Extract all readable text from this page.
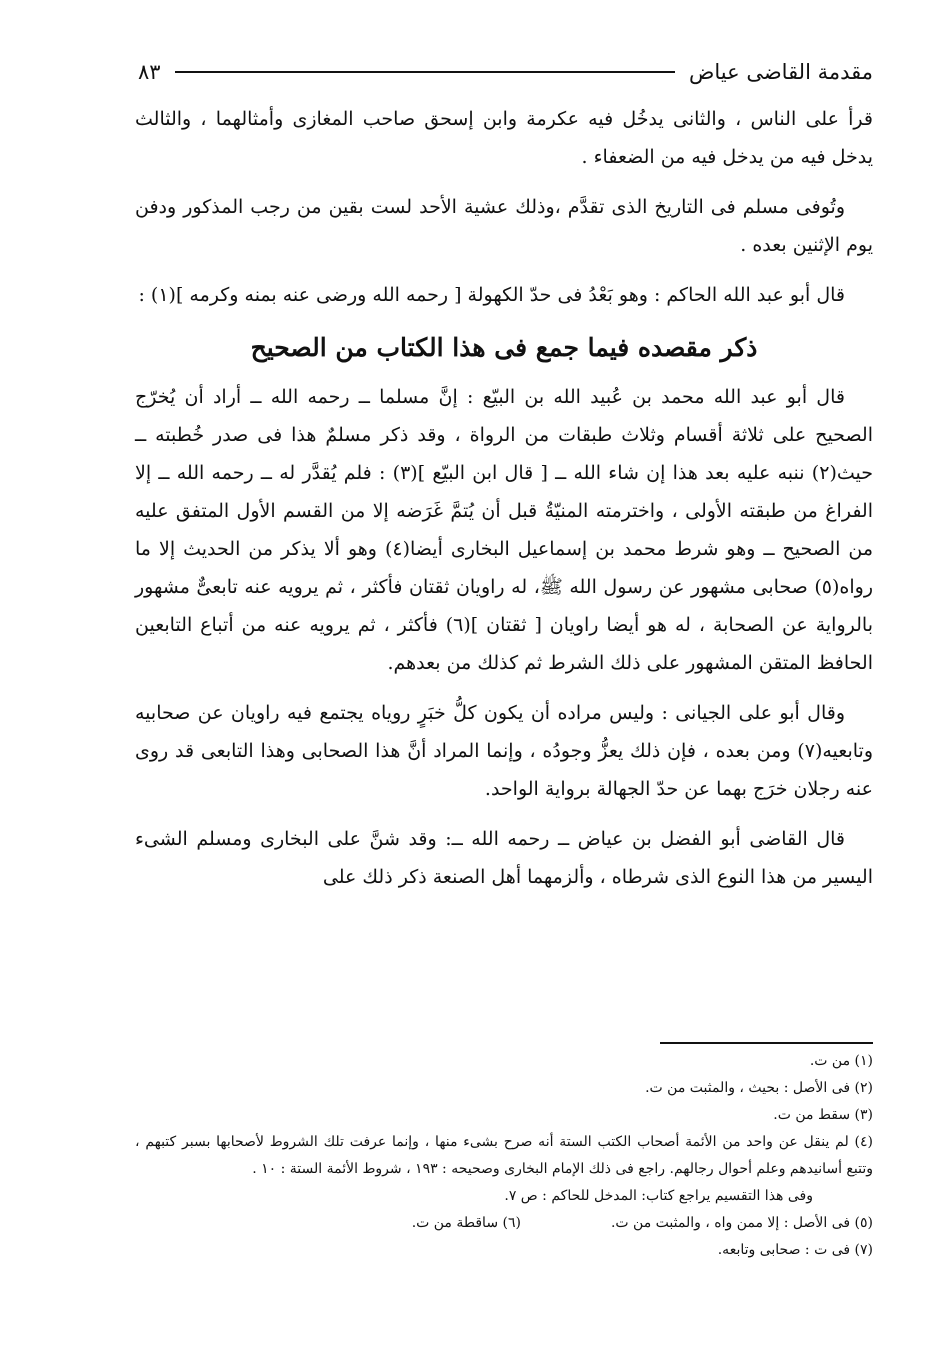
مقدمة القاضى عياض
٨٣

قرأ على الناس ، والثانى يدخُل فيه عكرمة وابن إسحق صاحب المغازى وأمثالهما ، والثالث يدخل فيه من يدخل فيه من الضعفاء .

وتُوفى مسلم فى التاريخ الذى تقدَّم ،وذلك عشية الأحد لست بقين من رجب المذكور ودفن يوم الإثنين بعده .

قال أبو عبد الله الحاكم : وهو بَعْدُ فى حدّ الكهولة [ رحمه الله ورضى عنه بمنه وكرمه ](١) :

ذكر مقصده فيما جمع فى هذا الكتاب من الصحيح

قال أبو عبد الله محمد بن عُبيد الله بن البيّع : إنَّ مسلما ــ رحمه الله ــ أراد أن يُخرّج الصحيح على ثلاثة أقسام وثلاث طبقات من الرواة ، وقد ذكر مسلمٌ هذا فى صدر خُطبته ــ حيث(٢) ننبه عليه بعد هذا إن شاء الله ــ [ قال ابن البيّع ](٣) : فلم يُقدَّر له ــ رحمه الله ــ إلا الفراغ من طبقته الأولى ، واخترمته المنيّةُ قبل أن يُتمَّ غَرَضه إلا من القسم الأول المتفق عليه من الصحيح ــ وهو شرط محمد بن إسماعيل البخارى أيضا(٤) وهو ألا يذكر من الحديث إلا ما رواه(٥) صحابى مشهور عن رسول الله ﷺ، له راويان ثقتان فأكثر ، ثم يرويه عنه تابعىٌّ مشهور بالرواية عن الصحابة ، له هو أيضا راويان [ ثقتان ](٦) فأكثر ، ثم يرويه عنه من أتباع التابعين الحافظ المتقن المشهور على ذلك الشرط ثم كذلك من بعدهم.

وقال أبو على الجيانى : وليس مراده أن يكون كلُّ خبَرٍ روياه يجتمع فيه راويان عن صحابيه وتابعيه(٧) ومن بعده ، فإن ذلك يعزُّ وجودُه ، وإنما المراد أنَّ هذا الصحابى وهذا التابعى قد روى عنه رجلان خرَج بهما عن حدّ الجهالة برواية الواحد.

قال القاضى أبو الفضل بن عياض ــ رحمه الله ــ: وقد شنَّ على البخارى ومسلم الشىء اليسير من هذا النوع الذى شرطاه ، وألزمهما أهل الصنعة ذكر ذلك على

(١) من ت.

(٢) فى الأصل : بحيث ، والمثبت من ت.

(٣) سقط من ت.

(٤) لم ينقل عن واحد من الأئمة أصحاب الكتب الستة أنه صرح بشىء منها ، وإنما عرفت تلك الشروط لأصحابها بسبر كتبهم ، وتتبع أسانيدهم وعلم أحوال رجالهم. راجع فى ذلك الإمام البخارى وصحيحه : ١٩٣ ، شروط الأئمة الستة : ١٠ .

وفى هذا التقسيم يراجع كتاب: المدخل للحاكم : ص ٧.

(٥) فى الأصل : إلا ممن واه ، والمثبت من ت.
(٦) ساقطة من ت.

(٧) فى ت : صحابى وتابعه.
